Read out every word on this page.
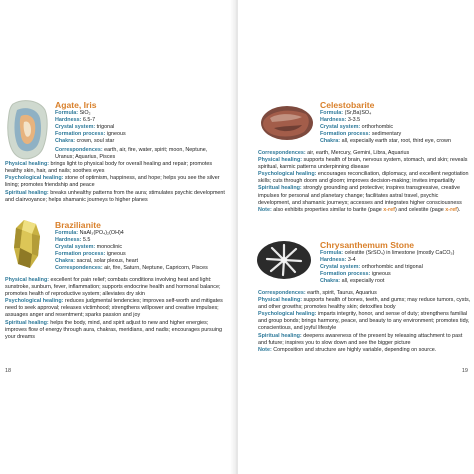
Agate, Iris
Formula: SiO₂
Hardness: 6.5-7
Crystal system: trigonal
Formation process: igneous
Chakra: crown, soul star
Correspondences: earth, air, fire, water, spirit; moon, Neptune, Uranus; Aquarius, Pisces

Physical healing: brings light to physical body for overall healing and repair; promotes healthy skin, hair, and nails; soothes eyes

Psychological healing: stone of optimism, happiness, and hope; helps you see the silver lining; promotes friendship and peace

Spiritual healing: breaks unhealthy patterns from the aura; stimulates psychic development and clairvoyance; helps shamanic journeys to higher planes

Brazilianite
Formula: NaAl₃(PO₄)₂(OH)4
Hardness: 5.5
Crystal system: monoclinic
Formation process: igneous
Chakra: sacral, solar plexus, heart
Correspondences: air, fire, Saturn, Neptune, Capricorn, Pisces

Physical healing: excellent for pain relief; combats conditions involving heat and light: sunstroke, sunburn, fever, inflammation; supports endocrine health and hormonal balance; promotes health of reproductive system; alleviates dry skin

Psychological healing: reduces judgmental tendencies; improves self-worth and mitigates need to seek approval; releases victimhood; strengthens willpower and creative impulses; assuages anger and resentment; sparks passion and joy

Spiritual healing: helps the body, mind, and spirit adjust to new and higher energies; improves flow of energy through aura, chakras, meridians, and nadis; encourages pursuing your dreams

18
Celestobarite
Formula: (Sr,Ba)SO₄
Hardness: 3-3.5
Crystal system: orthorhombic
Formation process: sedimentary
Chakra: all, especially earth star, root, third eye, crown

Correspondences: air, earth, Mercury, Gemini, Libra, Aquarius

Physical healing: supports health of brain, nervous system, stomach, and skin; reveals spiritual, karmic patterns underpinning disease

Psychological healing: encourages reconciliation, diplomacy, and excellent negotiation skills; cuts through doom and gloom; improves decision-making; invites impartiality

Spiritual healing: strongly grounding and protective; inspires transgressive, creative impulses for personal and planetary change; facilitates astral travel, psychic development, and shamanic journeys; accesses and integrates higher consciousness

Note: also exhibits properties similar to barite (page x-ref) and celestite (page x-ref).

Chrysanthemum Stone
Formula: celestite (SrSO₄) in limestone (mostly CaCO₃)
Hardness: 3-4
Crystal system: orthorhombic and trigonal
Formation process: igneous
Chakra: all, especially root

Correspondences: earth, spirit, Taurus, Aquarius

Physical healing: supports health of bones, teeth, and gums; may reduce tumors, cysts, and other growths; promotes healthy skin; detoxifies body

Psychological healing: imparts integrity, honor, and sense of duty; strengthens familial and group bonds; brings harmony, peace, and beauty to any environment; promotes tidy, conscientious, and joyful lifestyle

Spiritual healing: deepens awareness of the present by releasing attachment to past and future; inspires you to slow down and see the bigger picture

Note: Composition and structure are highly variable, depending on source.

19
